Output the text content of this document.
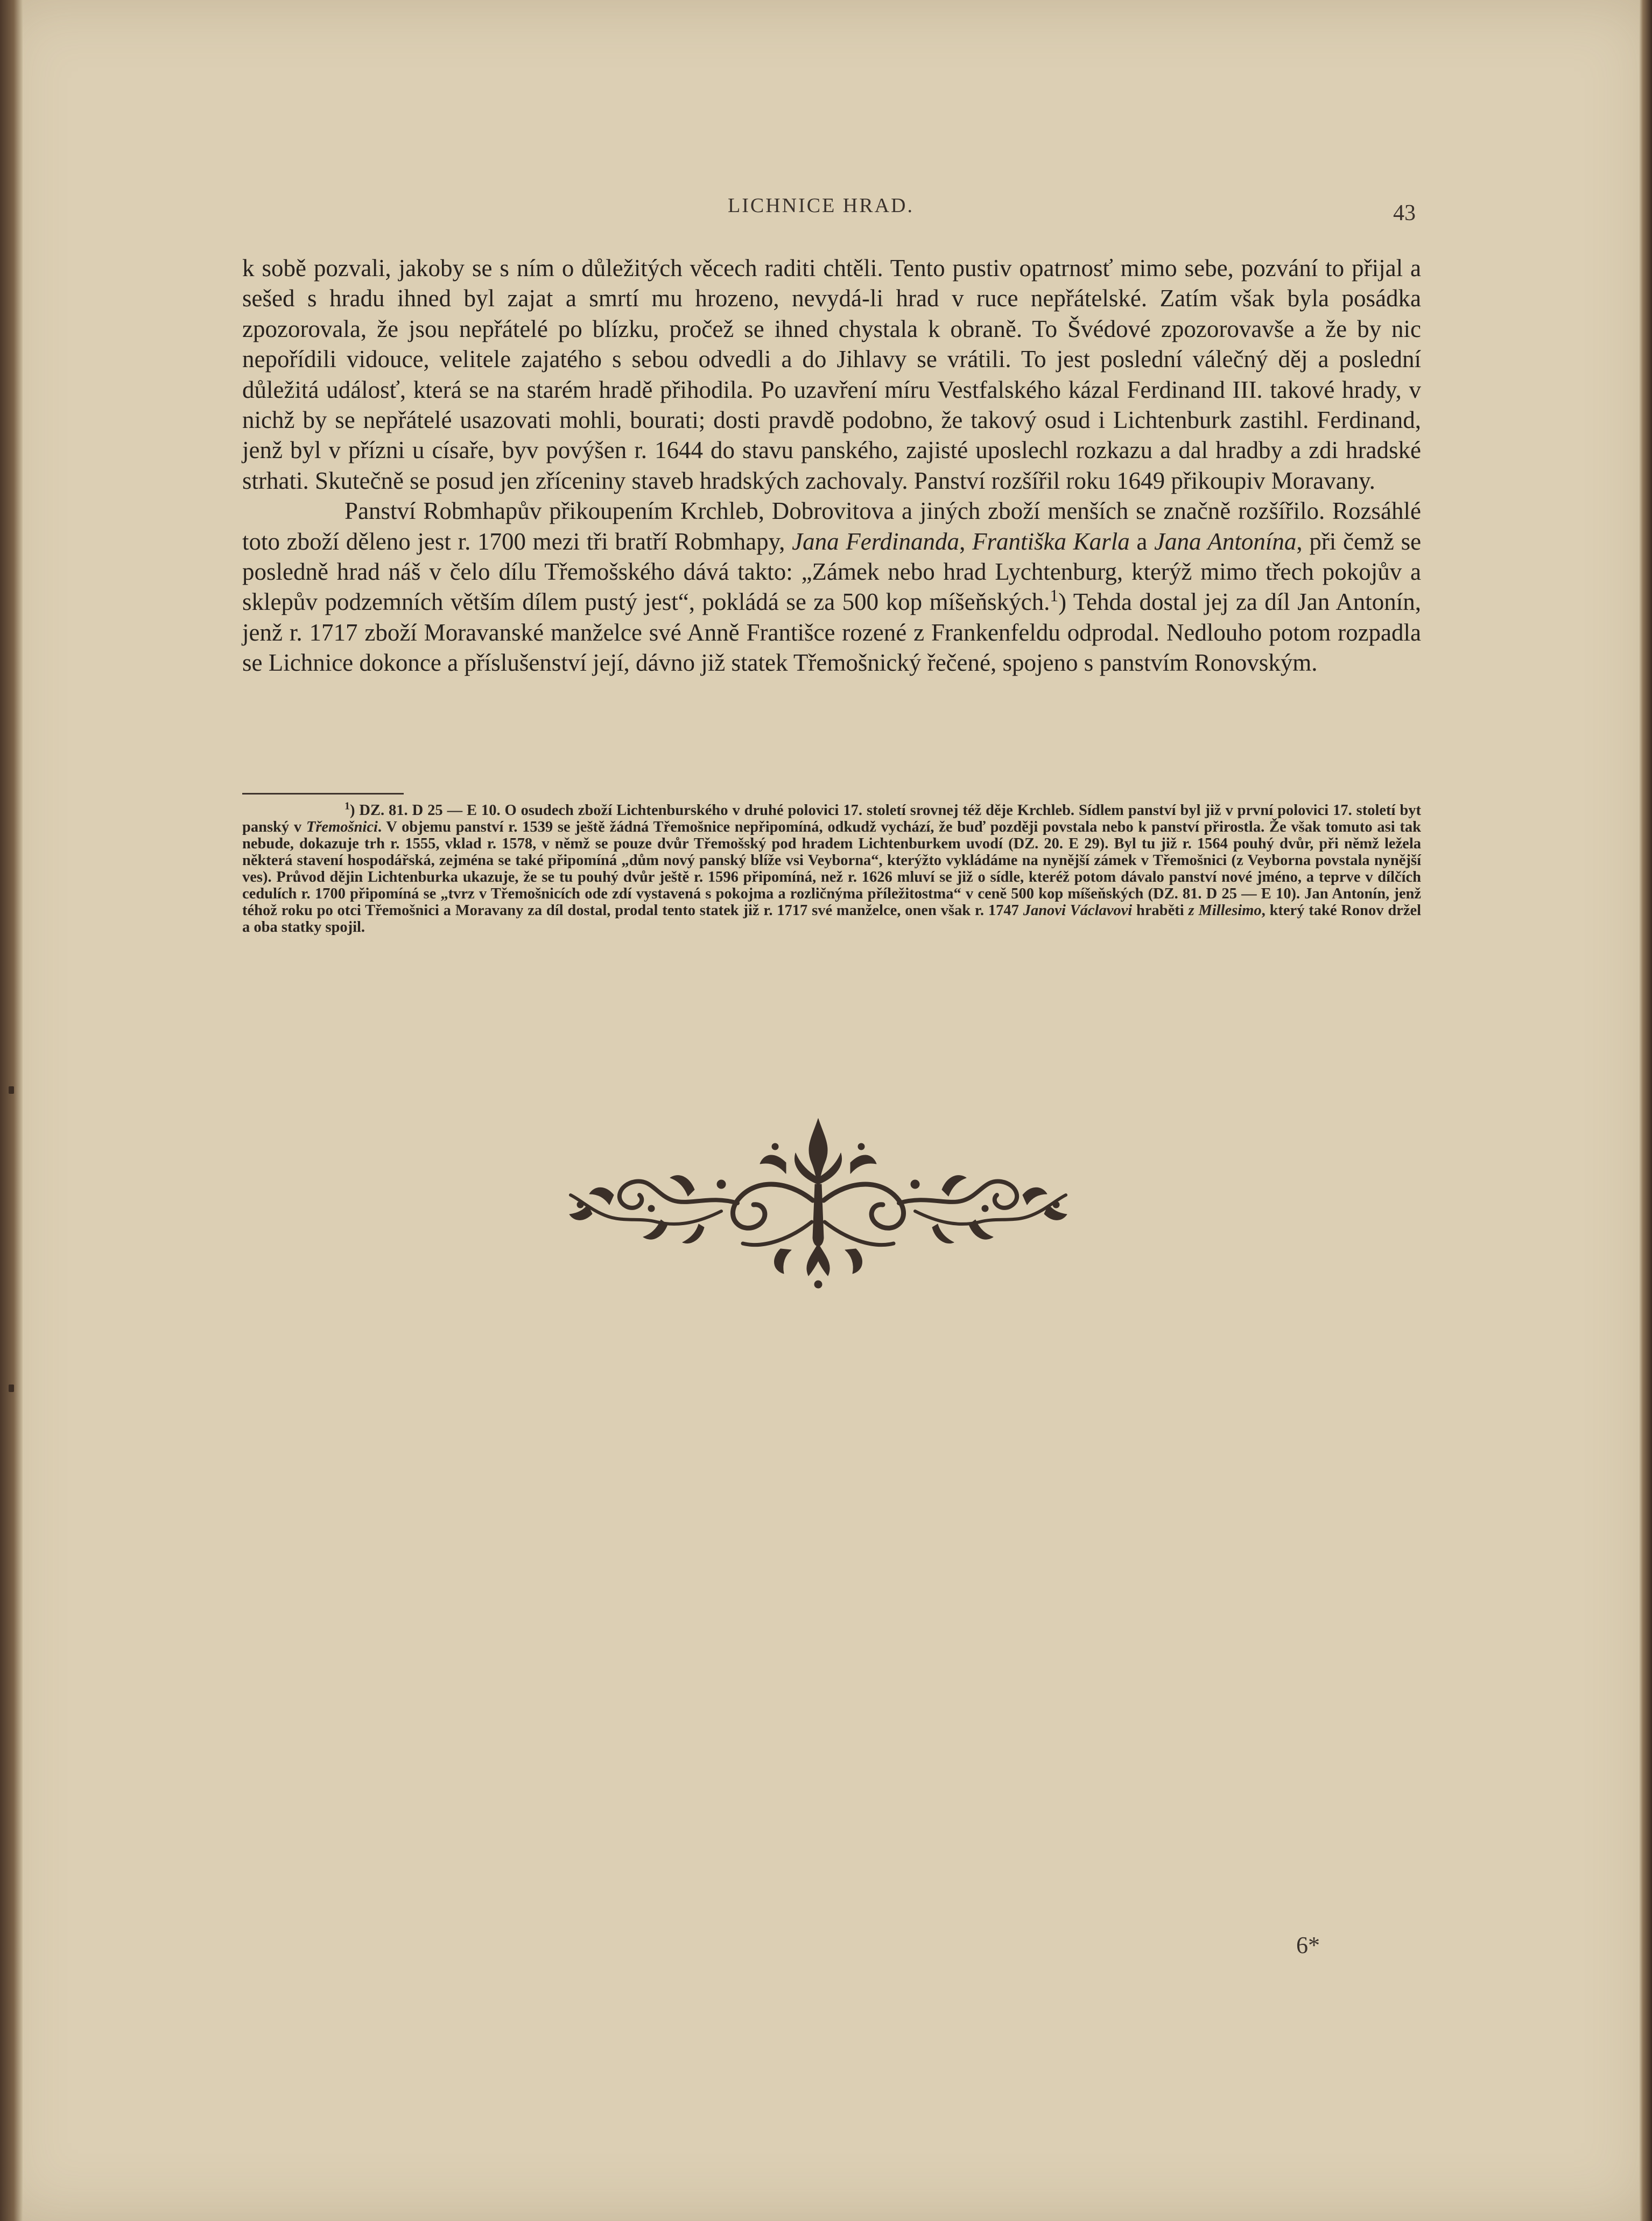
LICHNICE HRAD.	43

k sobě pozvali, jakoby se s ním o důležitých věcech raditi chtěli. Tento pustiv opatrnosť mimo sebe, pozvání to přijal a sešed s hradu ihned byl zajat a smrtí mu hrozeno, nevydá-li hrad v ruce nepřátelské. Zatím však byla posádka zpozorovala, že jsou nepřátelé po blízku, pročež se ihned chystala k obraně. To Švédové zpozorovavše a že by nic nepořídili vidouce, velitele zajatého s sebou odvedli a do Jihlavy se vrátili. To jest poslední válečný děj a poslední důležitá událosť, která se na starém hradě přihodila. Po uzavření míru Vestfalského kázal Ferdinand III. takové hrady, v nichž by se nepřátelé usazovati mohli, bourati; dosti pravdě podobno, že takový osud i Lichtenburk zastihl. Ferdinand, jenž byl v přízni u císaře, byv povýšen r. 1644 do stavu panského, zajisté uposlechl rozkazu a dal hradby a zdi hradské strhati. Skutečně se posud jen zříceniny staveb hradských zachovaly. Panství rozšířil roku 1649 přikoupiv Moravany.

Panství Robmhapův přikoupením Krchleb, Dobrovitova a jiných zboží menších se značně rozšířilo. Rozsáhlé toto zboží děleno jest r. 1700 mezi tři bratří Robmhapy, Jana Ferdinanda, Františka Karla a Jana Antonína, při čemž se posledně hrad náš v čelo dílu Třemošského dává takto: „Zámek nebo hrad Lychtenburg, kterýž mimo třech pokojův a sklepův podzemních větším dílem pustý jest“, pokládá se za 500 kop míšeňských.$^1$) Tehda dostal jej za díl Jan Antonín, jenž r. 1717 zboží Moravanské manželce své Anně Františce rozené z Frankenfeldu odprodal. Nedlouho potom rozpadla se Lichnice dokonce a příslušenství její, dávno již statek Třemošnický řečené, spojeno s panstvím Ronovským.

$^1$) DZ. 81. D 25 — E 10. O osudech zboží Lichtenburského v druhé polovici 17. století srovnej též děje Krchleb. Sídlem panství byl již v první polovici 17. století byt panský v Třemošnici. V objemu panství r. 1539 se ještě žádná Třemošnice nepřipomíná, odkudž vychází, že buď později povstala nebo k panství přirostla. Že však tomuto asi tak nebude, dokazuje trh r. 1555, vklad r. 1578, v němž se pouze dvůr Třemošský pod hradem Lichtenburkem uvodí (DZ. 20. E 29). Byl tu již r. 1564 pouhý dvůr, při němž ležela některá stavení hospodářská, zejména se také připomíná „dům nový panský blíže vsi Veyborna“, kterýžto vykládáme na nynější zámek v Třemošnici (z Veyborna povstala nynější ves). Průvod dějin Lichtenburka ukazuje, že se tu pouhý dvůr ještě r. 1596 připomíná, než r. 1626 mluví se již o sídle, kteréž potom dávalo panství nové jméno, a teprve v dílčích cedulích r. 1700 připomíná se „tvrz v Třemošnicích ode zdí vystavená s pokojma a rozličnýma příležitostma“ v ceně 500 kop míšeňských (DZ. 81. D 25 — E 10). Jan Antonín, jenž téhož roku po otci Třemošnici a Moravany za díl dostal, prodal tento statek již r. 1717 své manželce, onen však r. 1747 Janovi Václavovi hraběti z Millesimo, který také Ronov držel a oba statky spojil.

6*
